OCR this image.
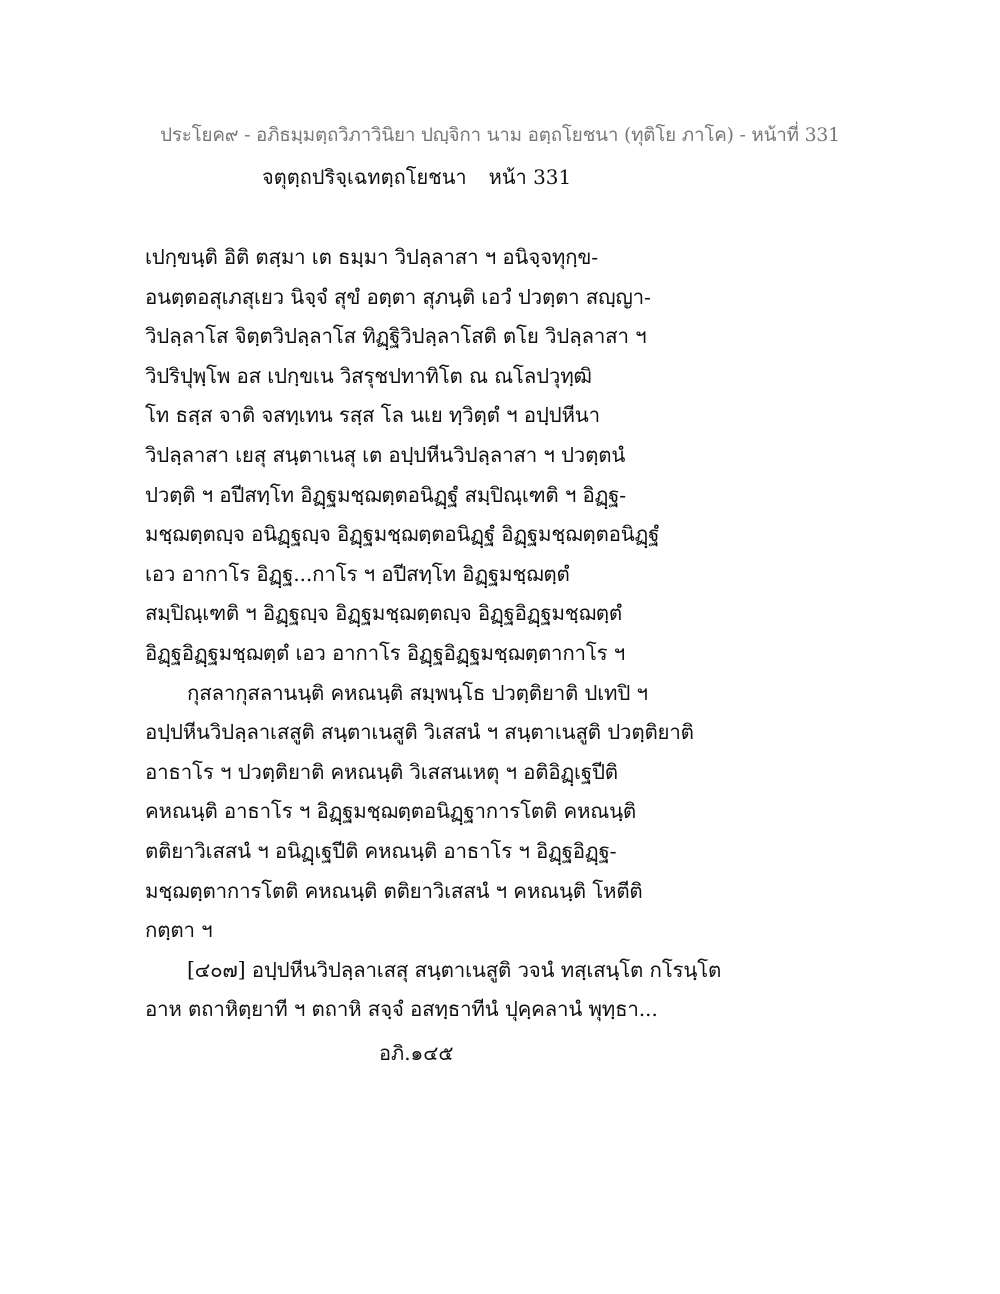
ประโยค๙ - อภิธมฺมตฺถวิภาวินิยา ปญฺจิกา นาม อตฺถโยชนา (ทุติโย ภาโค) - หน้าที่ 331
จตุตฺถปริจฺเฉทตฺถโยชนา หน้า 331
เปกฺขนฺติ อิติ ตสฺมา เต ธมฺมา วิปลฺลาสา ฯ อนิจฺจทุกฺข-
อนตฺตอสุเภสุเยว นิจฺจํ สุขํ อตฺตา สุภนฺติ เอวํ ปวตฺตา สญฺญา-
วิปลฺลาโส จิตฺตวิปลฺลาโส ทิฏฺฐิวิปลฺลาโสติ ตโย วิปลฺลาสา ฯ
วิปริปุพฺโพ อส เปกฺขเน วิสรุชปทาทิโต ณ ณโลปวุทฺฒิ
โท ธสฺส จาติ จสทฺเทน รสฺส โล นเย ทฺวิตฺตํ ฯ อปฺปหีนา
วิปลฺลาสา เยสุ สนฺตาเนสุ เต อปฺปหีนวิปลฺลาสา ฯ ปวตฺตนํ
ปวตฺติ ฯ อปีสทฺโท อิฏฺฐมชฺฌตฺตอนิฏฺฐํ สมฺปิณฺเฑติ ฯ อิฏฺฐ-
มชฺฌตฺตญฺจ อนิฏฺฐญฺจ อิฏฺฐมชฺฌตฺตอนิฏฺฐํ อิฏฺฐมชฺฌตฺตอนิฏฺฐํ
เอว อากาโร อิฏฺฐ...กาโร ฯ อปีสทฺโท อิฏฺฐมชฺฌตฺตํ
สมฺปิณฺเฑติ ฯ อิฏฺฐญฺจ อิฏฺฐมชฺฌตฺตญฺจ อิฏฺฐอิฏฺฐมชฺฌตฺตํ
อิฏฺฐอิฏฺฐมชฺฌตฺตํ เอว อากาโร อิฏฺฐอิฏฺฐมชฺฌตฺตากาโร ฯ
กุสลากุสลานนฺติ คหณนฺติ สมฺพนฺโธ ปวตฺติยาติ ปเทปิ ฯ
อปฺปหีนวิปลฺลาเสสูติ สนฺตาเนสูติ วิเสสนํ ฯ สนฺตาเนสูติ ปวตฺติยาติ
อาธาโร ฯ ปวตฺติยาติ คหณนฺติ วิเสสนเหตุ ฯ อติอิฏฺเฐปีติ
คหณนฺติ อาธาโร ฯ อิฏฺฐมชฺฌตฺตอนิฏฺฐาการโตติ คหณนฺติ
ตติยาวิเสสนํ ฯ อนิฏฺเฐปีติ คหณนฺติ อาธาโร ฯ อิฏฺฐอิฏฺฐ-
มชฺฌตฺตาการโตติ คหณนฺติ ตติยาวิเสสนํ ฯ คหณนฺติ โหตีติ
กตฺตา ฯ
[๔๐๗] อปฺปหีนวิปลฺลาเสสุ สนฺตาเนสูติ วจนํ ทสฺเสนฺโต กโรนฺโต
อาห ตถาหิตฺยาที ฯ ตถาหิ สจฺจํ อสทฺธาทีนํ ปุคฺคลานํ พุทฺธา...
อภิ.๑๔๕
